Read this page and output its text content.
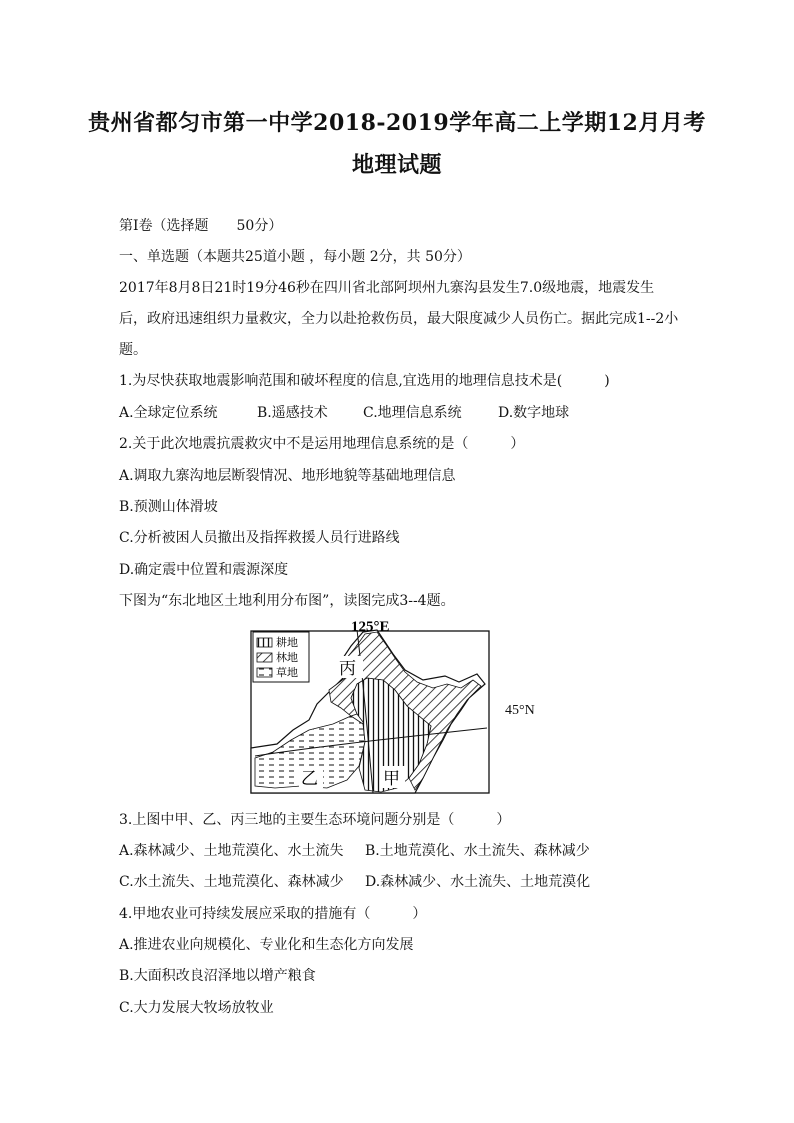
贵州省都匀市第一中学2018-2019学年高二上学期12月月考
地理试题
第Ⅰ卷（选择题　　50分）
一、单选题（本题共25道小题 ，每小题 2分，共 50分）
2017年8月8日21时19分46秒在四川省北部阿坝州九寨沟县发生7.0级地震，地震发生后，政府迅速组织力量救灾，全力以赴抢救伤员，最大限度减少人员伤亡。据此完成1--2小题。
1.为尽快获取地震影响范围和破坏程度的信息,宜选用的地理信息技术是(　　　)
A.全球定位系统	B.遥感技术	C.地理信息系统	D.数字地球
2.关于此次地震抗震救灾中不是运用地理信息系统的是（　　　）
A.调取九寨沟地层断裂情况、地形地貌等基础地理信息
B.预测山体滑坡
C.分析被困人员撤出及指挥救援人员行进路线
D.确定震中位置和震源深度
下图为“东北地区土地利用分布图”，读图完成3--4题。
耕地
林地
草地
125°E
丙
乙	甲
45°N
3.上图中甲、乙、丙三地的主要生态环境问题分别是（　　　）
A.森林减少、土地荒漠化、水土流失 B.土地荒漠化、水土流失、森林减少
C.水土流失、土地荒漠化、森林减少 D.森林减少、水土流失、土地荒漠化
4.甲地农业可持续发展应采取的措施有（　　　）
A.推进农业向规模化、专业化和生态化方向发展
B.大面积改良沼泽地以增产粮食
C.大力发展大牧场放牧业
